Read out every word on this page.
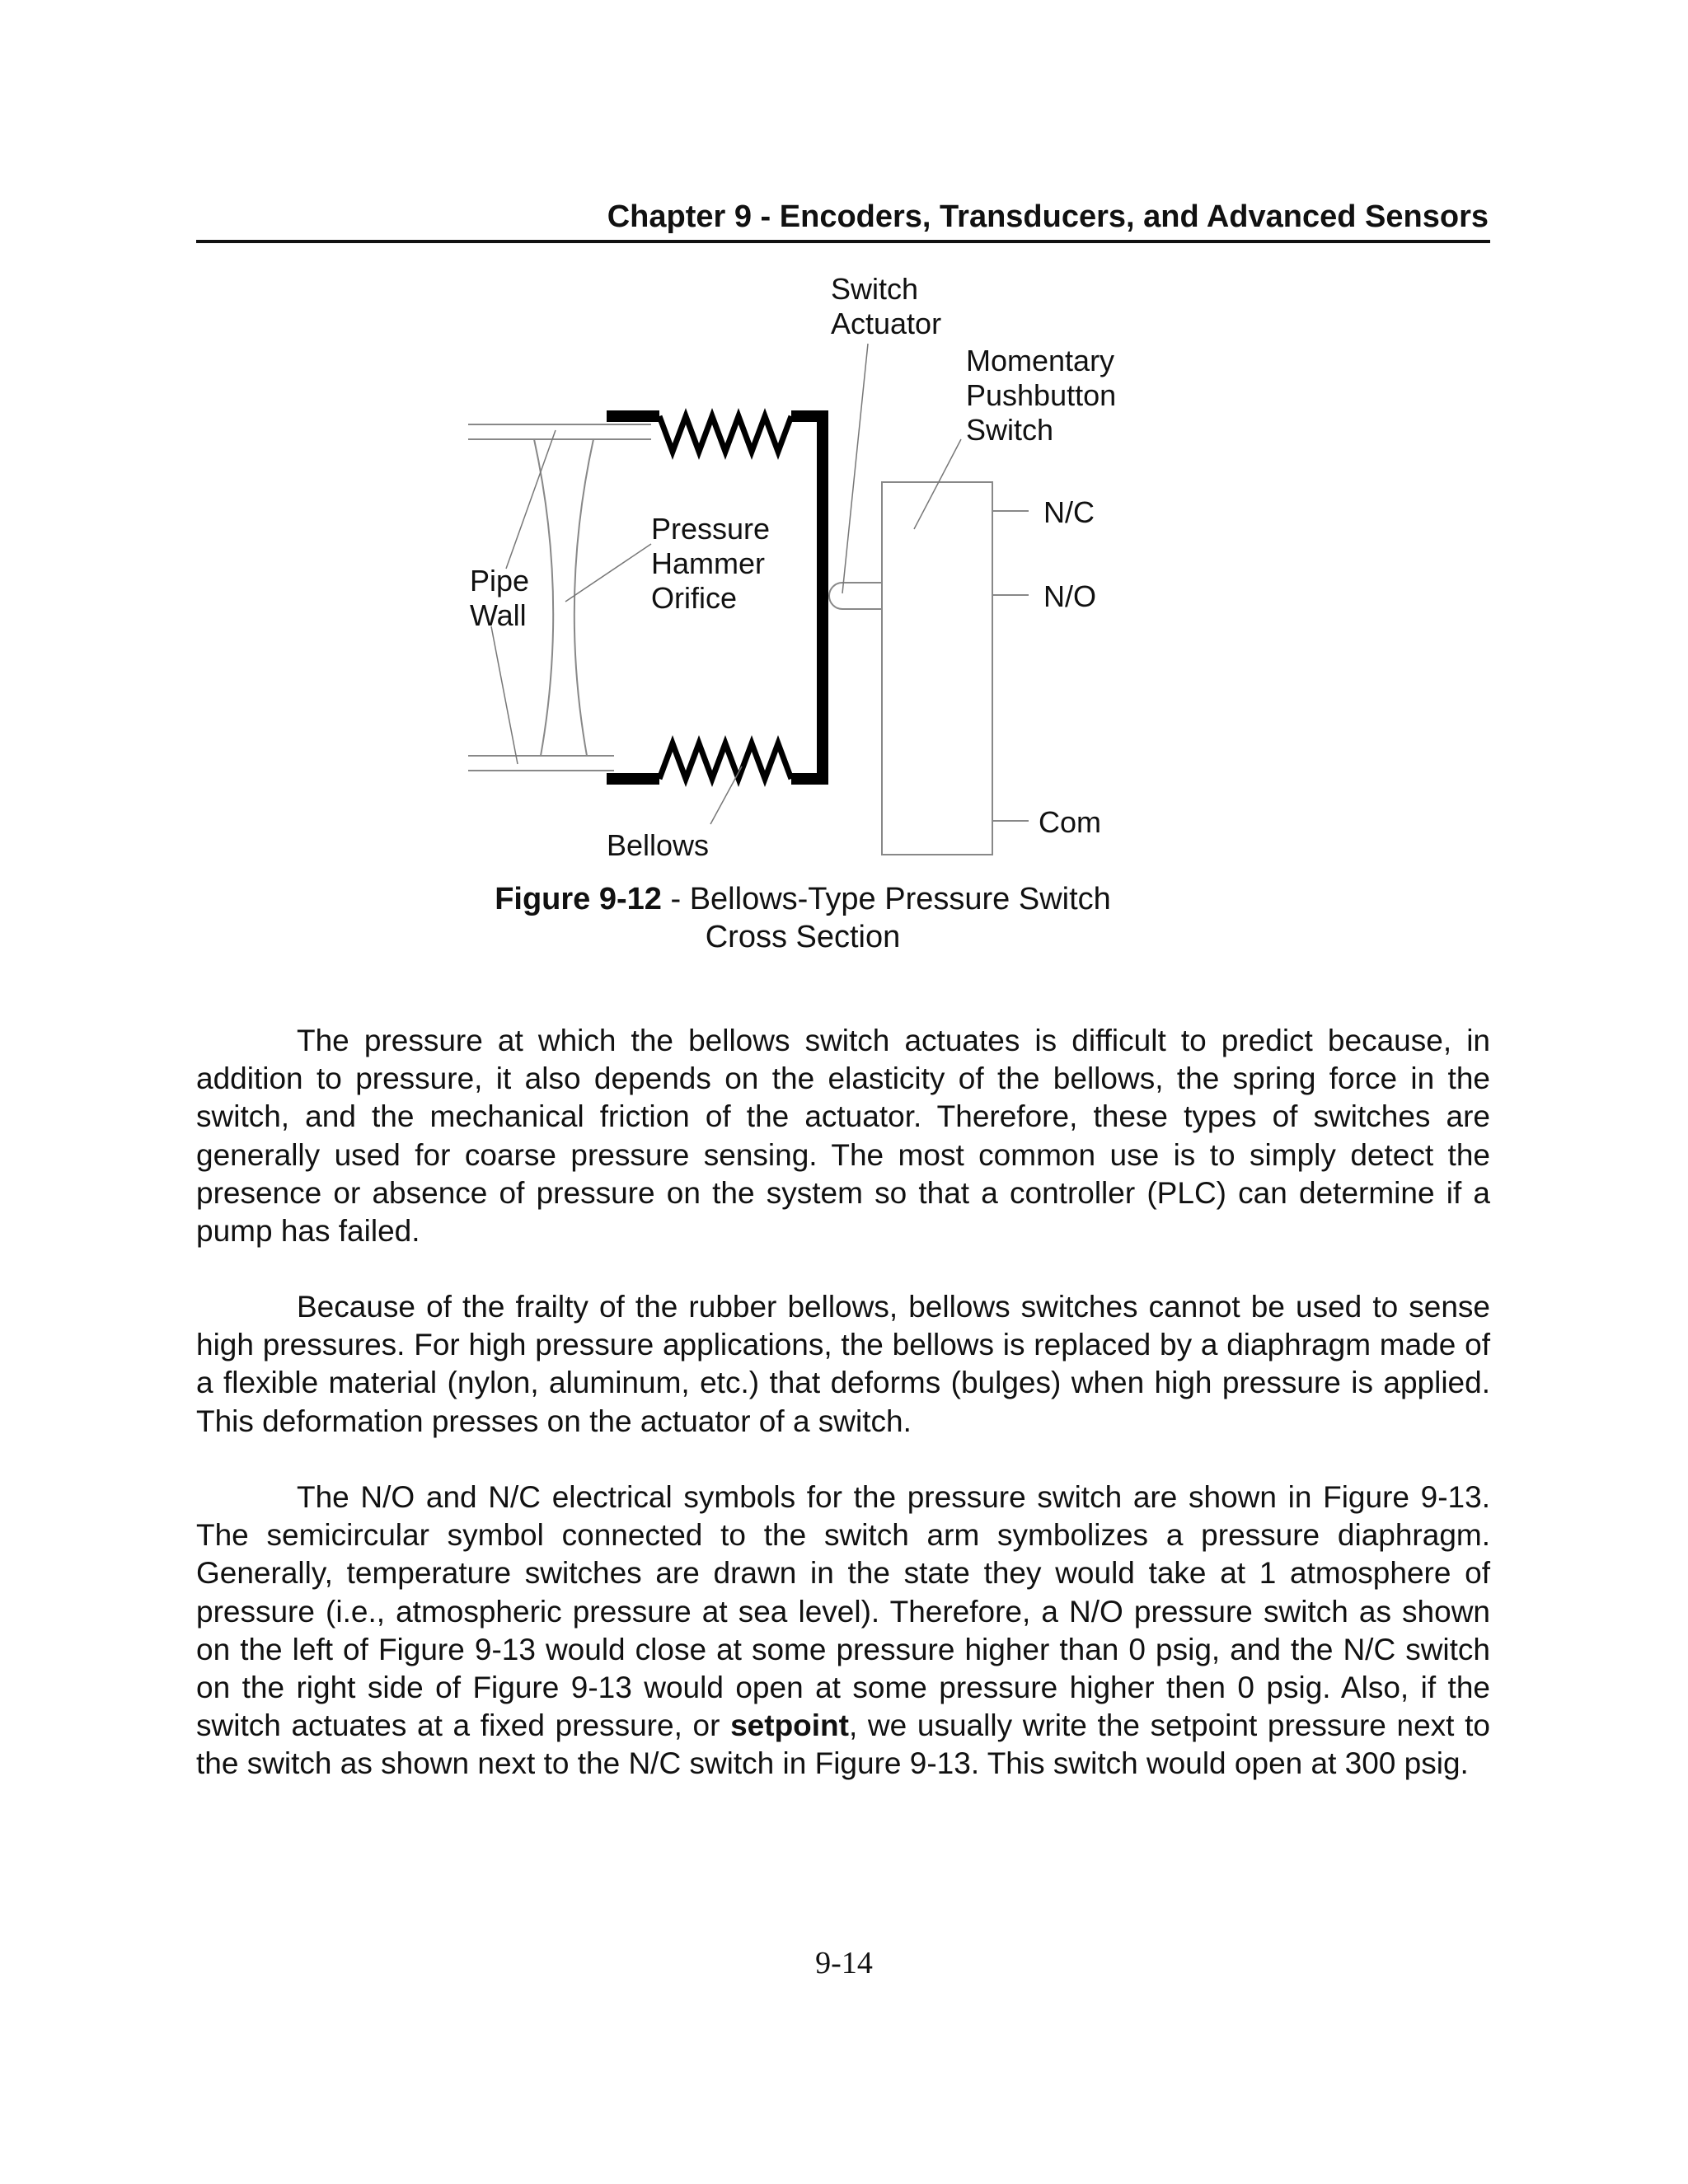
Chapter 9 - Encoders, Transducers, and Advanced Sensors
Switch
Actuator
Momentary
Pushbutton
Switch
N/C
N/O
Com
Pressure
Hammer
Orifice
Pipe
Wall
Bellows
Figure 9-12 - Bellows-Type Pressure Switch
Cross Section

The pressure at which the bellows switch actuates is difficult to predict because, in addition to pressure, it also depends on the elasticity of the bellows, the spring force in the switch, and the mechanical friction of the actuator. Therefore, these types of switches are generally used for coarse pressure sensing. The most common use is to simply detect the presence or absence of pressure on the system so that a controller (PLC) can determine if a pump has failed.

Because of the frailty of the rubber bellows, bellows switches cannot be used to sense high pressures. For high pressure applications, the bellows is replaced by a diaphragm made of a flexible material (nylon, aluminum, etc.) that deforms (bulges) when high pressure is applied. This deformation presses on the actuator of a switch.

The N/O and N/C electrical symbols for the pressure switch are shown in Figure 9-13. The semicircular symbol connected to the switch arm symbolizes a pressure diaphragm. Generally, temperature switches are drawn in the state they would take at 1 atmosphere of pressure (i.e., atmospheric pressure at sea level). Therefore, a N/O pressure switch as shown on the left of Figure 9-13 would close at some pressure higher than 0 psig, and the N/C switch on the right side of Figure 9-13 would open at some pressure higher then 0 psig. Also, if the switch actuates at a fixed pressure, or setpoint, we usually write the setpoint pressure next to the switch as shown next to the N/C switch in Figure 9-13. This switch would open at 300 psig.

9-14
